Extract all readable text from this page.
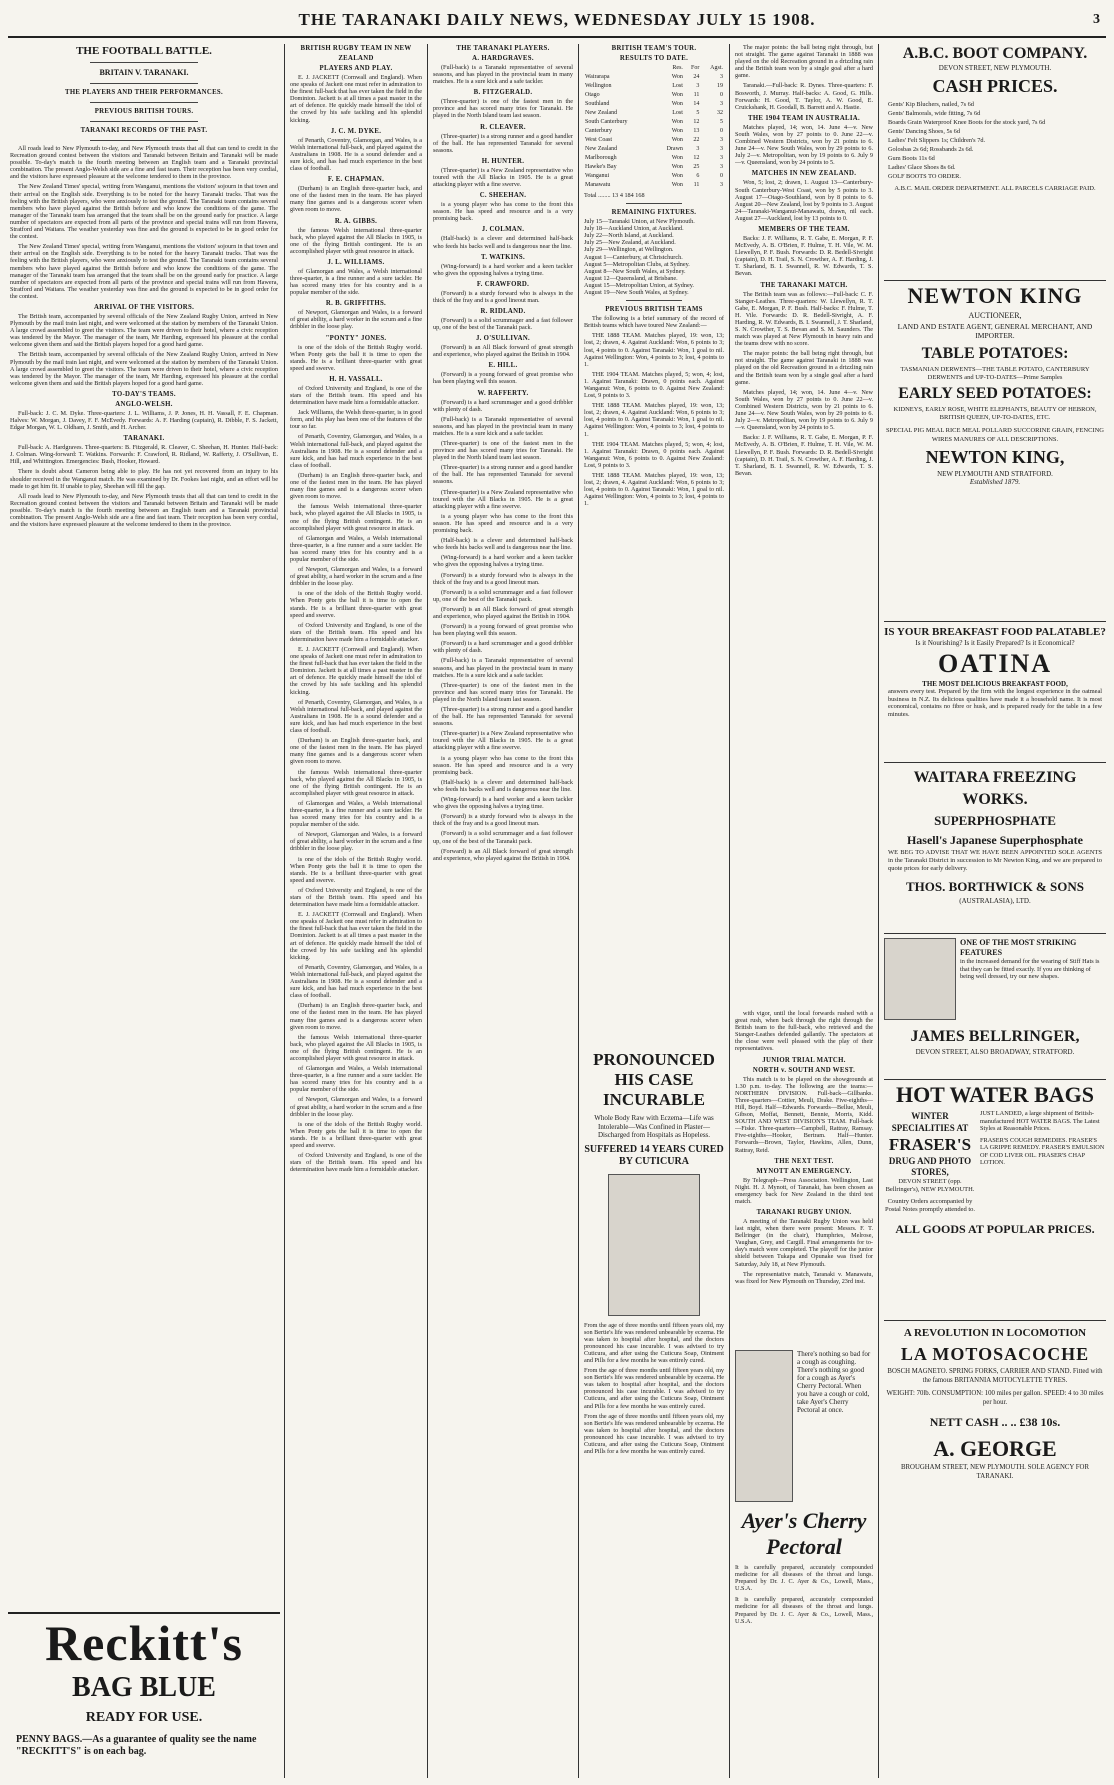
THE TARANAKI DAILY NEWS, WEDNESDAY JULY 15 1908.	3
THE FOOTBALL BATTLE.
BRITAIN V. TARANAKI.
THE PLAYERS AND THEIR PERFORMANCES.
PREVIOUS BRITISH TOURS.
TARANAKI RECORDS OF THE PAST.

All roads lead to New Plymouth to-day, and New Plymouth trusts that all that can tend to credit in the Recreation ground contest between the visitors and Taranaki between Britain and Taranaki will be made possible. To-day's match is the fourth meeting between an English team and a Taranaki provincial combination. The present Anglo-Welsh side are a fine and fast team. Their reception has been very cordial, and the visitors have expressed pleasure at the welcome tendered to them in the province.

The New Zealand Times' special, writing from Wanganui, mentions the visitors' sojourn in that town and their arrival on the English side. Everything is to be noted for the heavy Taranaki tracks. That was the feeling with the British players, who were anxiously to test the ground. The Taranaki team contains several members who have played against the British before and who know the conditions of the game. The manager of the Taranaki team has arranged that the team shall be on the ground early for practice. A large number of spectators are expected from all parts of the province and special trains will run from Hawera, Stratford and Waitara. The weather yesterday was fine and the ground is expected to be in good order for the contest.

The New Zealand Times' special, writing from Wanganui, mentions the visitors' sojourn in that town and their arrival on the English side. Everything is to be noted for the heavy Taranaki tracks. That was the feeling with the British players, who were anxiously to test the ground. The Taranaki team contains several members who have played against the British before and who know the conditions of the game. The manager of the Taranaki team has arranged that the team shall be on the ground early for practice. A large number of spectators are expected from all parts of the province and special trains will run from Hawera, Stratford and Waitara. The weather yesterday was fine and the ground is expected to be in good order for the contest.

ARRIVAL OF THE VISITORS.

The British team, accompanied by several officials of the New Zealand Rugby Union, arrived in New Plymouth by the mail train last night, and were welcomed at the station by members of the Taranaki Union. A large crowd assembled to greet the visitors. The team were driven to their hotel, where a civic reception was tendered by the Mayor. The manager of the team, Mr Harding, expressed his pleasure at the cordial welcome given them and said the British players hoped for a good hard game.

The British team, accompanied by several officials of the New Zealand Rugby Union, arrived in New Plymouth by the mail train last night, and were welcomed at the station by members of the Taranaki Union. A large crowd assembled to greet the visitors. The team were driven to their hotel, where a civic reception was tendered by the Mayor. The manager of the team, Mr Harding, expressed his pleasure at the cordial welcome given them and said the British players hoped for a good hard game.

TO-DAY'S TEAMS.
ANGLO-WELSH.

Full-back: J. C. M. Dyke. Three-quarters: J. L. Williams, J. P. Jones, H. H. Vassall, F. E. Chapman. Halves: W. Morgan, J. Davey, F. F. McEvedy. Forwards: A. F. Harding (captain), R. Dibble, F. S. Jackett, Edgar Morgan, W. L. Oldham, J. Smith, and H. Archer.

TARANAKI.

Full-back: A. Hardgraves. Three-quarters: B. Fitzgerald, R. Cleaver, C. Sheehan, H. Hunter. Half-back: J. Colman. Wing-forward: T. Watkins. Forwards: F. Crawford, R. Ridland, W. Rafferty, J. O'Sullivan, E. Hill, and Whittington. Emergencies: Bush, Hooker, Howard.

There is doubt about Cameron being able to play. He has not yet recovered from an injury to his shoulder received in the Wanganui match. He was examined by Dr. Fookes last night, and an effort will be made to get him fit. If unable to play, Sheehan will fill the gap.

All roads lead to New Plymouth to-day, and New Plymouth trusts that all that can tend to credit in the Recreation ground contest between the visitors and Taranaki between Britain and Taranaki will be made possible. To-day's match is the fourth meeting between an English team and a Taranaki provincial combination. The present Anglo-Welsh side are a fine and fast team. Their reception has been very cordial, and the visitors have expressed pleasure at the welcome tendered to them in the province.

Reckitt's
BAG BLUE
READY FOR USE.
PENNY BAGS.—As a guarantee of quality see the name "RECKITT'S" is on each bag.
BRITISH RUGBY TEAM IN NEW ZEALAND
PLAYERS AND PLAY.

E. J. JACKETT (Cornwall and England). When one speaks of Jackett one must refer in admiration to the finest full-back that has ever taken the field in the Dominion. Jackett is at all times a past master in the art of defence. He quickly made himself the idol of the crowd by his safe tackling and his splendid kicking.

J. C. M. DYKE.

of Penarth, Coventry, Glamorgan, and Wales, is a Welsh international full-back, and played against the Australians in 1908. He is a sound defender and a sure kick, and has had much experience in the best class of football.

F. E. CHAPMAN.

(Durham) is an English three-quarter back, and one of the fastest men in the team. He has played many fine games and is a dangerous scorer when given room to move.

R. A. GIBBS.

the famous Welsh international three-quarter back, who played against the All Blacks in 1905, is one of the flying British contingent. He is an accomplished player with great resource in attack.

J. L. WILLIAMS.

of Glamorgan and Wales, a Welsh international three-quarter, is a fine runner and a sure tackler. He has scored many tries for his country and is a popular member of the side.

R. B. GRIFFITHS.

of Newport, Glamorgan and Wales, is a forward of great ability, a hard worker in the scrum and a fine dribbler in the loose play.

"PONTY" JONES.

is one of the idols of the British Rugby world. When Ponty gets the ball it is time to open the stands. He is a brilliant three-quarter with great speed and swerve.

H. H. VASSALL.

of Oxford University and England, is one of the stars of the British team. His speed and his determination have made him a formidable attacker.

Jack Williams, the Welsh three-quarter, is in good form, and his play has been one of the features of the tour so far.

of Penarth, Coventry, Glamorgan, and Wales, is a Welsh international full-back, and played against the Australians in 1908. He is a sound defender and a sure kick, and has had much experience in the best class of football.

(Durham) is an English three-quarter back, and one of the fastest men in the team. He has played many fine games and is a dangerous scorer when given room to move.

the famous Welsh international three-quarter back, who played against the All Blacks in 1905, is one of the flying British contingent. He is an accomplished player with great resource in attack.

of Glamorgan and Wales, a Welsh international three-quarter, is a fine runner and a sure tackler. He has scored many tries for his country and is a popular member of the side.

of Newport, Glamorgan and Wales, is a forward of great ability, a hard worker in the scrum and a fine dribbler in the loose play.

is one of the idols of the British Rugby world. When Ponty gets the ball it is time to open the stands. He is a brilliant three-quarter with great speed and swerve.

of Oxford University and England, is one of the stars of the British team. His speed and his determination have made him a formidable attacker.

E. J. JACKETT (Cornwall and England). When one speaks of Jackett one must refer in admiration to the finest full-back that has ever taken the field in the Dominion. Jackett is at all times a past master in the art of defence. He quickly made himself the idol of the crowd by his safe tackling and his splendid kicking.

of Penarth, Coventry, Glamorgan, and Wales, is a Welsh international full-back, and played against the Australians in 1908. He is a sound defender and a sure kick, and has had much experience in the best class of football.

(Durham) is an English three-quarter back, and one of the fastest men in the team. He has played many fine games and is a dangerous scorer when given room to move.

the famous Welsh international three-quarter back, who played against the All Blacks in 1905, is one of the flying British contingent. He is an accomplished player with great resource in attack.

of Glamorgan and Wales, a Welsh international three-quarter, is a fine runner and a sure tackler. He has scored many tries for his country and is a popular member of the side.

of Newport, Glamorgan and Wales, is a forward of great ability, a hard worker in the scrum and a fine dribbler in the loose play.

is one of the idols of the British Rugby world. When Ponty gets the ball it is time to open the stands. He is a brilliant three-quarter with great speed and swerve.

of Oxford University and England, is one of the stars of the British team. His speed and his determination have made him a formidable attacker.

E. J. JACKETT (Cornwall and England). When one speaks of Jackett one must refer in admiration to the finest full-back that has ever taken the field in the Dominion. Jackett is at all times a past master in the art of defence. He quickly made himself the idol of the crowd by his safe tackling and his splendid kicking.

of Penarth, Coventry, Glamorgan, and Wales, is a Welsh international full-back, and played against the Australians in 1908. He is a sound defender and a sure kick, and has had much experience in the best class of football.

(Durham) is an English three-quarter back, and one of the fastest men in the team. He has played many fine games and is a dangerous scorer when given room to move.

the famous Welsh international three-quarter back, who played against the All Blacks in 1905, is one of the flying British contingent. He is an accomplished player with great resource in attack.

of Glamorgan and Wales, a Welsh international three-quarter, is a fine runner and a sure tackler. He has scored many tries for his country and is a popular member of the side.

of Newport, Glamorgan and Wales, is a forward of great ability, a hard worker in the scrum and a fine dribbler in the loose play.

is one of the idols of the British Rugby world. When Ponty gets the ball it is time to open the stands. He is a brilliant three-quarter with great speed and swerve.

of Oxford University and England, is one of the stars of the British team. His speed and his determination have made him a formidable attacker.

THE TARANAKI PLAYERS.
A. HARDGRAVES.

(Full-back) is a Taranaki representative of several seasons, and has played in the provincial team in many matches. He is a sure kick and a safe tackler.

B. FITZGERALD.

(Three-quarter) is one of the fastest men in the province and has scored many tries for Taranaki. He played in the North Island team last season.

R. CLEAVER.

(Three-quarter) is a strong runner and a good handler of the ball. He has represented Taranaki for several seasons.

H. HUNTER.

(Three-quarter) is a New Zealand representative who toured with the All Blacks in 1905. He is a great attacking player with a fine swerve.

C. SHEEHAN.

is a young player who has come to the front this season. He has speed and resource and is a very promising back.

J. COLMAN.

(Half-back) is a clever and determined half-back who feeds his backs well and is dangerous near the line.

T. WATKINS.

(Wing-forward) is a hard worker and a keen tackler who gives the opposing halves a trying time.

F. CRAWFORD.

(Forward) is a sturdy forward who is always in the thick of the fray and is a good lineout man.

R. RIDLAND.

(Forward) is a solid scrummager and a fast follower up, one of the best of the Taranaki pack.

J. O'SULLIVAN.

(Forward) is an All Black forward of great strength and experience, who played against the British in 1904.

E. HILL.

(Forward) is a young forward of great promise who has been playing well this season.

W. RAFFERTY.

(Forward) is a hard scrummager and a good dribbler with plenty of dash.

(Full-back) is a Taranaki representative of several seasons, and has played in the provincial team in many matches. He is a sure kick and a safe tackler.

(Three-quarter) is one of the fastest men in the province and has scored many tries for Taranaki. He played in the North Island team last season.

(Three-quarter) is a strong runner and a good handler of the ball. He has represented Taranaki for several seasons.

(Three-quarter) is a New Zealand representative who toured with the All Blacks in 1905. He is a great attacking player with a fine swerve.

is a young player who has come to the front this season. He has speed and resource and is a very promising back.

(Half-back) is a clever and determined half-back who feeds his backs well and is dangerous near the line.

(Wing-forward) is a hard worker and a keen tackler who gives the opposing halves a trying time.

(Forward) is a sturdy forward who is always in the thick of the fray and is a good lineout man.

(Forward) is a solid scrummager and a fast follower up, one of the best of the Taranaki pack.

(Forward) is an All Black forward of great strength and experience, who played against the British in 1904.

(Forward) is a young forward of great promise who has been playing well this season.

(Forward) is a hard scrummager and a good dribbler with plenty of dash.

(Full-back) is a Taranaki representative of several seasons, and has played in the provincial team in many matches. He is a sure kick and a safe tackler.

(Three-quarter) is one of the fastest men in the province and has scored many tries for Taranaki. He played in the North Island team last season.

(Three-quarter) is a strong runner and a good handler of the ball. He has represented Taranaki for several seasons.

(Three-quarter) is a New Zealand representative who toured with the All Blacks in 1905. He is a great attacking player with a fine swerve.

is a young player who has come to the front this season. He has speed and resource and is a very promising back.

(Half-back) is a clever and determined half-back who feeds his backs well and is dangerous near the line.

(Wing-forward) is a hard worker and a keen tackler who gives the opposing halves a trying time.

(Forward) is a sturdy forward who is always in the thick of the fray and is a good lineout man.

(Forward) is a solid scrummager and a fast follower up, one of the best of the Taranaki pack.

(Forward) is an All Black forward of great strength and experience, who played against the British in 1904.

BRITISH TEAM'S TOUR.
RESULTS TO DATE.
	Res.	For	Agst.
Wairarapa	Won	24	3
Wellington	Lost	3	19
Otago	Won	11	0
Southland	Won	14	3
New Zealand	Lost	5	32
South Canterbury	Won	12	5
Canterbury	Won	13	0
West Coast	Won	22	3
New Zealand	Drawn	3	3
Marlborough	Won	12	3
Hawke's Bay	Won	25	3
Wanganui	Won	6	0
Manawatu	Won	11	3
Total ........ 13 4 184 168
REMAINING FIXTURES.
July 15—Taranaki Union, at New Plymouth.
July 18—Auckland Union, at Auckland.
July 22—North Island, at Auckland.
July 25—New Zealand, at Auckland.
July 29—Wellington, at Wellington.
August 1—Canterbury, at Christchurch.
August 5—Metropolitan Clubs, at Sydney.
August 8—New South Wales, at Sydney.
August 12—Queensland, at Brisbane.
August 15—Metropolitan Union, at Sydney.
August 19—New South Wales, at Sydney.
PREVIOUS BRITISH TEAMS

The following is a brief summary of the record of British teams which have toured New Zealand:—

THE 1888 TEAM. Matches played, 19: won, 13; lost, 2; drawn, 4. Against Auckland: Won, 6 points to 3; lost, 4 points to 0. Against Taranaki: Won, 1 goal to nil. Against Wellington: Won, 4 points to 3; lost, 4 points to 1.

THE 1904 TEAM. Matches played, 5; won, 4; lost, 1. Against Taranaki: Drawn, 0 points each. Against Wanganui: Won, 6 points to 0. Against New Zealand: Lost, 9 points to 3.

THE 1888 TEAM. Matches played, 19: won, 13; lost, 2; drawn, 4. Against Auckland: Won, 6 points to 3; lost, 4 points to 0. Against Taranaki: Won, 1 goal to nil. Against Wellington: Won, 4 points to 3; lost, 4 points to 1.

THE 1904 TEAM. Matches played, 5; won, 4; lost, 1. Against Taranaki: Drawn, 0 points each. Against Wanganui: Won, 6 points to 0. Against New Zealand: Lost, 9 points to 3.

THE 1888 TEAM. Matches played, 19: won, 13; lost, 2; drawn, 4. Against Auckland: Won, 6 points to 3; lost, 4 points to 0. Against Taranaki: Won, 1 goal to nil. Against Wellington: Won, 4 points to 3; lost, 4 points to 1.

The major points: the ball being right through, but not straight. The game against Taranaki in 1888 was played on the old Recreation ground in a drizzling rain and the British team won by a single goal after a hard game.

Taranaki.—Full-back: R. Dynes. Three-quarters: F. Bosworth, J. Murray. Half-backs: A. Good, G. Hills. Forwards: H. Good, T. Taylor, A. W. Good, E. Cruickshank, H. Goodall, B. Barrett and A. Hastie.

THE 1904 TEAM IN AUSTRALIA.

Matches played, 14; won, 14. June 4—v. New South Wales, won by 27 points to 0. June 22—v. Combined Western Districts, won by 21 points to 6. June 24—v. New South Wales, won by 29 points to 6. July 2—v. Metropolitan, won by 19 points to 6. July 9—v. Queensland, won by 24 points to 5.

MATCHES IN NEW ZEALAND.

Won, 5; lost, 2; drawn, 1. August 13—Canterbury-South Canterbury-West Coast, won by 5 points to 3. August 17—Otago-Southland, won by 8 points to 6. August 20—New Zealand, lost by 9 points to 3. August 24—Taranaki-Wanganui-Manawatu, drawn, nil each. August 27—Auckland, lost by 13 points to 0.

MEMBERS OF THE TEAM.

Backs: J. F. Williams, R. T. Gabe, E. Morgan, P. F. McEvedy, A. B. O'Brien, F. Hulme, T. H. Vile, W. M. Llewellyn, P. F. Bush. Forwards: D. R. Bedell-Sivright (captain), D. H. Trail, S. N. Crowther, A. F. Harding, J. T. Sharland, B. I. Swannell, R. W. Edwards, T. S. Bevan.

THE TARANAKI MATCH.

The British team was as follows:—Full-back: C. F. Stanger-Leathes. Three-quarters: W. Llewellyn, R. T. Gabe, E. Morgan, P. F. Bush. Half-backs: F. Hulme, T. H. Vile. Forwards: D. R. Bedell-Sivright, A. F. Harding, R. W. Edwards, B. I. Swannell, J. T. Sharland, S. N. Crowther, T. S. Bevan and S. M. Saunders. The match was played at New Plymouth in heavy rain and the teams drew with no score.

The major points: the ball being right through, but not straight. The game against Taranaki in 1888 was played on the old Recreation ground in a drizzling rain and the British team won by a single goal after a hard game.

Matches played, 14; won, 14. June 4—v. New South Wales, won by 27 points to 0. June 22—v. Combined Western Districts, won by 21 points to 6. June 24—v. New South Wales, won by 29 points to 6. July 2—v. Metropolitan, won by 19 points to 6. July 9—v. Queensland, won by 24 points to 5.

Backs: J. F. Williams, R. T. Gabe, E. Morgan, P. F. McEvedy, A. B. O'Brien, F. Hulme, T. H. Vile, W. M. Llewellyn, P. F. Bush. Forwards: D. R. Bedell-Sivright (captain), D. H. Trail, S. N. Crowther, A. F. Harding, J. T. Sharland, B. I. Swannell, R. W. Edwards, T. S. Bevan.

PRONOUNCED HIS CASE INCURABLE
Whole Body Raw with Eczema—Life was Intolerable—Was Confined in Plaster—Discharged from Hospitals as Hopeless.
SUFFERED 14 YEARS CURED BY CUTICURA
From the age of three months until fifteen years old, my son Bertie's life was rendered unbearable by eczema. He was taken to hospital after hospital, and the doctors pronounced his case incurable. I was advised to try Cuticura, and after using the Cuticura Soap, Ointment and Pills for a few months he was entirely cured.
From the age of three months until fifteen years old, my son Bertie's life was rendered unbearable by eczema. He was taken to hospital after hospital, and the doctors pronounced his case incurable. I was advised to try Cuticura, and after using the Cuticura Soap, Ointment and Pills for a few months he was entirely cured.
From the age of three months until fifteen years old, my son Bertie's life was rendered unbearable by eczema. He was taken to hospital after hospital, and the doctors pronounced his case incurable. I was advised to try Cuticura, and after using the Cuticura Soap, Ointment and Pills for a few months he was entirely cured.
There's nothing so bad for a cough as coughing. There's nothing so good for a cough as Ayer's Cherry Pectoral. When you have a cough or cold, take Ayer's Cherry Pectoral at once.
Ayer's Cherry Pectoral
It is carefully prepared, accurately compounded medicine for all diseases of the throat and lungs. Prepared by Dr. J. C. Ayer & Co., Lowell, Mass., U.S.A.
It is carefully prepared, accurately compounded medicine for all diseases of the throat and lungs. Prepared by Dr. J. C. Ayer & Co., Lowell, Mass., U.S.A.

with vigor, until the local forwards rushed with a great rush, when back through the right through the British team to the full-back, who retrieved and the Stanger-Leathes defended gallantly. The spectators at the close were well pleased with the play of their representatives.

JUNIOR TRIAL MATCH.
NORTH v. SOUTH AND WEST.

This match is to be played on the showgrounds at 1.30 p.m. to-day. The following are the teams:— NORTHERN DIVISION. Full-back—Gillbanks. Three-quarters—Cottier, Meuli, Drake. Five-eighths—Hill, Boyd. Half—Edwards. Forwards—Bellue, Meuli, Gibson, Moffat, Bennett, Bennie, Morris, Kidd. SOUTH AND WEST DIVISION'S TEAM. Full-back—Fiske. Three-quarters—Campbell, Rattray, Ramsay. Five-eighths—Hooker, Bertram. Half—Hunter. Forwards—Brown, Taylor, Hawkins, Allen, Dunn, Rattray, Reid.

THE NEXT TEST.
MYNOTT AN EMERGENCY.

By Telegraph—Press Association. Wellington, Last Night. H. J. Mynott, of Taranaki, has been chosen as emergency back for New Zealand in the third test match.

TARANAKI RUGBY UNION.

A meeting of the Taranaki Rugby Union was held last night, when there were present: Messrs. F. T. Bellringer (in the chair), Humphries, Melrose, Vaughan, Grey, and Cargill. Final arrangements for to-day's match were completed. The playoff for the junior shield between Tukapa and Opunake was fixed for Saturday, July 18, at New Plymouth.

The representative match, Taranaki v. Manawatu, was fixed for New Plymouth on Thursday, 23rd inst.

A.B.C. BOOT COMPANY.
DEVON STREET, NEW PLYMOUTH.
CASH PRICES.
Gents' Kip Bluchers, nailed, 7s 6d
Gents' Balmorals, wide fitting, 7s 6d
Boards Grain Waterproof Knee Boots for the stock yard, 7s 6d
Gents' Dancing Shoes, 5s 6d
Ladies' Felt Slippers 1s; Children's 7d.
Golosbas 2s 6d; Rossbands 2s 6d.
Gum Boots 11s 6d
Ladies' Glace Shoes 8s 6d.
GOLF BOOTS TO ORDER.
A.B.C. MAIL ORDER DEPARTMENT. ALL PARCELS CARRIAGE PAID.
NEWTON KING
AUCTIONEER,
LAND AND ESTATE AGENT, GENERAL MERCHANT, AND IMPORTER.
TABLE POTATOES:
TASMANIAN DERWENTS—THE TABLE POTATO, CANTERBURY DERWENTS and UP-TO-DATES—Prime Samples
EARLY SEED POTATOES:
KIDNEYS, EARLY ROSE, WHITE ELEPHANTS, BEAUTY OF HEBRON, BRITISH QUEEN, UP-TO-DATES, ETC.
SPECIAL PIG MEAL RICE MEAL POLLARD SUCCORINE GRAIN, FENCING WIRES MANURES OF ALL DESCRIPTIONS.
NEWTON KING,
NEW PLYMOUTH AND STRATFORD.
Established 1879.
IS YOUR BREAKFAST FOOD PALATABLE?
Is it Nourishing? Is it Easily Prepared? Is it Economical?
OATINA
THE MOST DELICIOUS BREAKFAST FOOD,
answers every test. Prepared by the firm with the longest experience in the oatmeal business in N.Z. Its delicious qualities have made it a household name. It is most economical, contains no fibre or husk, and is prepared ready for the table in a few minutes.
WAITARA FREEZING WORKS.
SUPERPHOSPHATE
Hasell's Japanese Superphosphate
WE BEG TO ADVISE THAT WE HAVE BEEN APPOINTED SOLE AGENTS in the Taranaki District in succession to Mr Newton King, and we are prepared to quote prices for early delivery.
THOS. BORTHWICK & SONS
(AUSTRALASIA), LTD.
ONE OF THE MOST STRIKING FEATURES
in the increased demand for the wearing of Stiff Hats is that they can be fitted exactly. If you are thinking of being well dressed, try our new shapes.
JAMES BELLRINGER,
DEVON STREET, ALSO BROADWAY, STRATFORD.
HOT WATER BAGS
WINTER SPECIALITIES AT
FRASER'S
DRUG AND PHOTO STORES,
DEVON STREET (opp. Bellringer's), NEW PLYMOUTH.
Country Orders accompanied by Postal Notes promptly attended to.
JUST LANDED, a large shipment of British-manufactured HOT WATER BAGS. The Latest Styles at Reasonable Prices.
FRASER'S COUGH REMEDIES. FRASER'S LA GRIPPE REMEDY. FRASER'S EMULSION OF COD LIVER OIL. FRASER'S CHAP LOTION.
ALL GOODS AT POPULAR PRICES.
A REVOLUTION IN LOCOMOTION
LA MOTOSACOCHE
BOSCH MAGNETO. SPRING FORKS, CARRIER AND STAND. Fitted with the famous BRITANNIA MOTOCYLETTE TYRES.
WEIGHT: 70lb. CONSUMPTION: 100 miles per gallon. SPEED: 4 to 30 miles per hour.
NETT CASH .. .. £38 10s.
A. GEORGE
BROUGHAM STREET, NEW PLYMOUTH. SOLE AGENCY FOR TARANAKI.
